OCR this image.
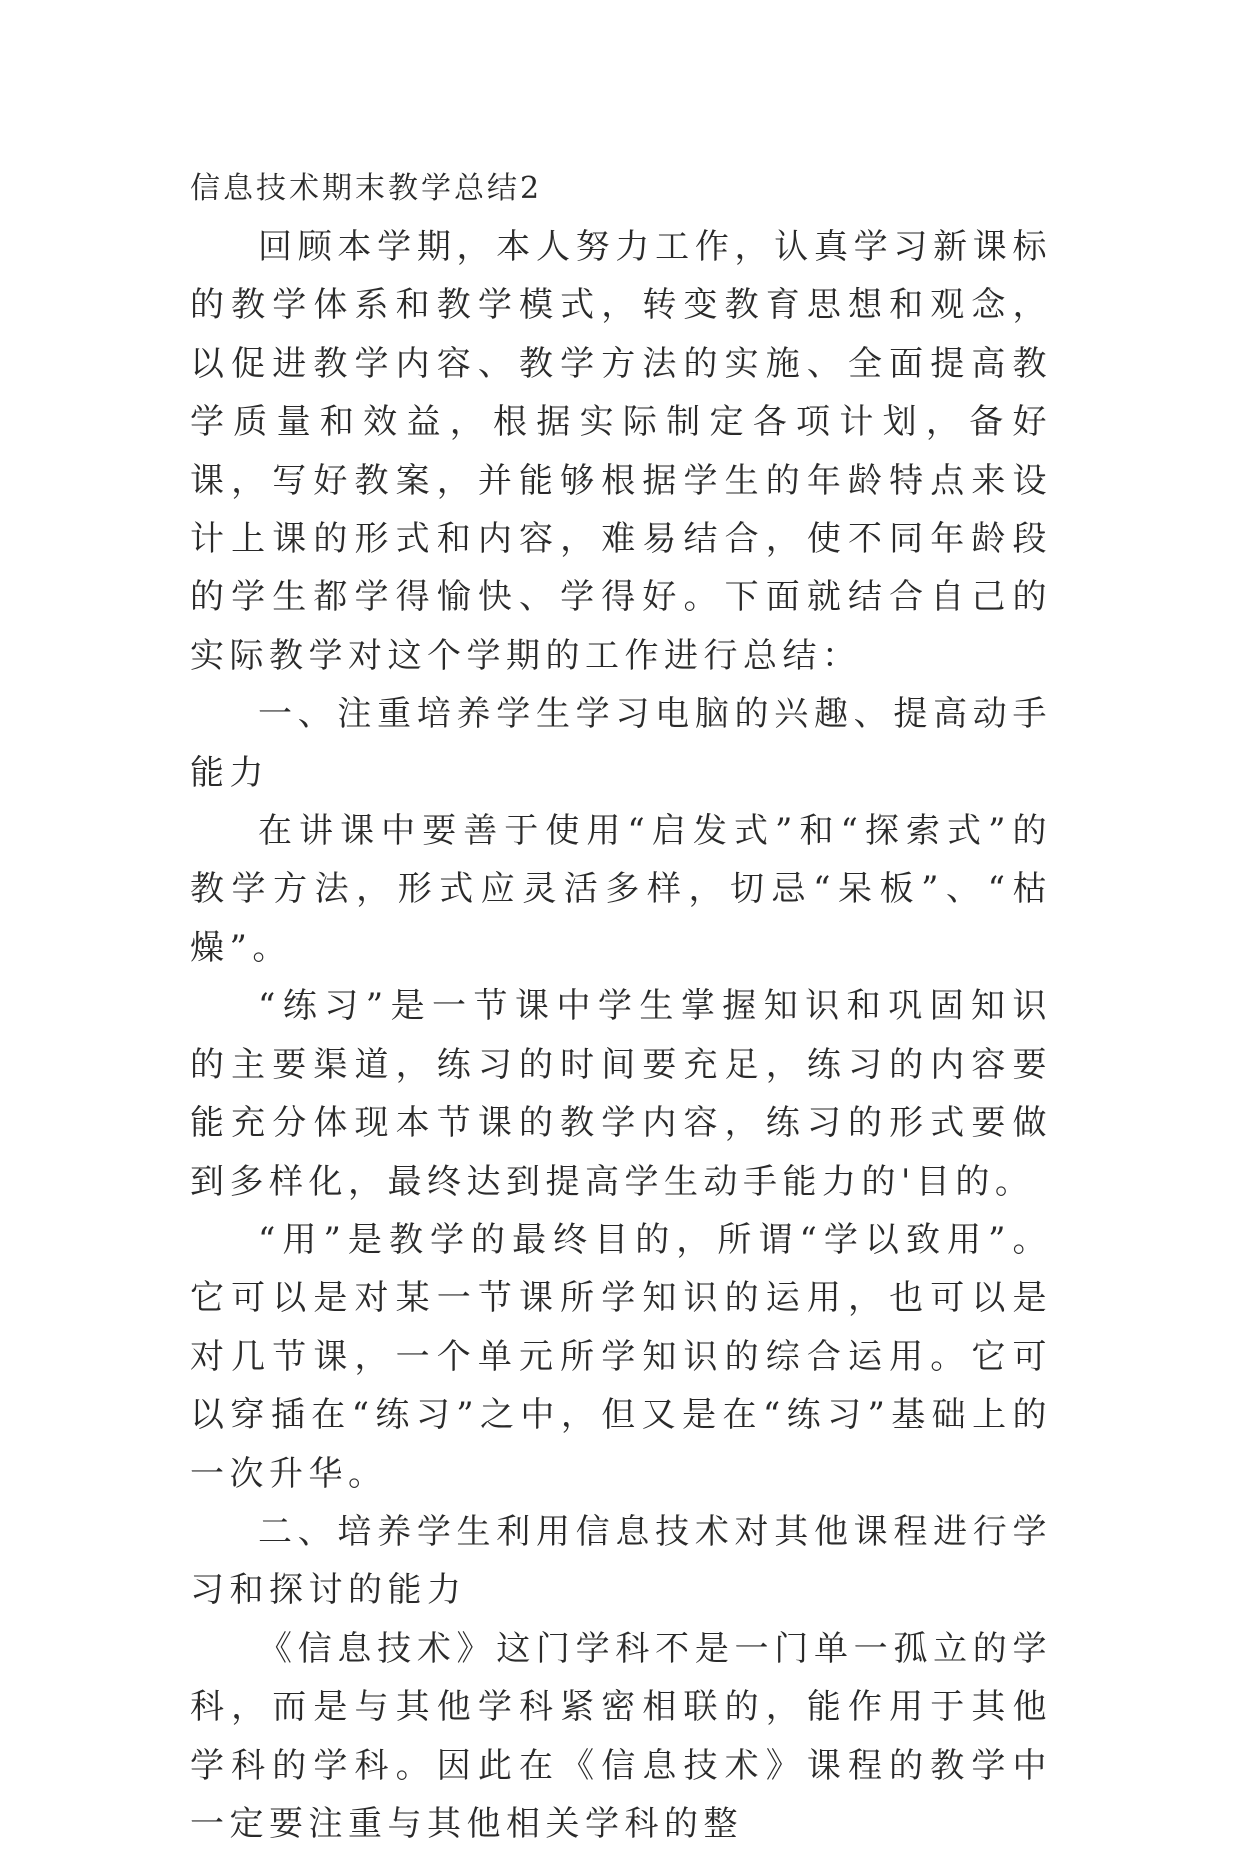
信息技术期末教学总结2

回顾本学期，本人努力工作，认真学习新课标的教学体系和教学模式，转变教育思想和观念，以促进教学内容、教学方法的实施、全面提高教学质量和效益，根据实际制定各项计划，备好课，写好教案，并能够根据学生的年龄特点来设计上课的形式和内容，难易结合，使不同年龄段的学生都学得愉快、学得好。下面就结合自己的实际教学对这个学期的工作进行总结：

一、注重培养学生学习电脑的兴趣、提高动手能力

在讲课中要善于使用“启发式”和“探索式”的教学方法，形式应灵活多样，切忌“呆板”、“枯燥”。

“练习”是一节课中学生掌握知识和巩固知识的主要渠道，练习的时间要充足，练习的内容要能充分体现本节课的教学内容，练习的形式要做到多样化，最终达到提高学生动手能力的'目的。

“用”是教学的最终目的，所谓“学以致用”。它可以是对某一节课所学知识的运用，也可以是对几节课，一个单元所学知识的综合运用。它可以穿插在“练习”之中，但又是在“练习”基础上的一次升华。

二、培养学生利用信息技术对其他课程进行学习和探讨的能力

《信息技术》这门学科不是一门单一孤立的学科，而是与其他学科紧密相联的，能作用于其他学科的学科。因此在《信息技术》课程的教学中一定要注重与其他相关学科的整
